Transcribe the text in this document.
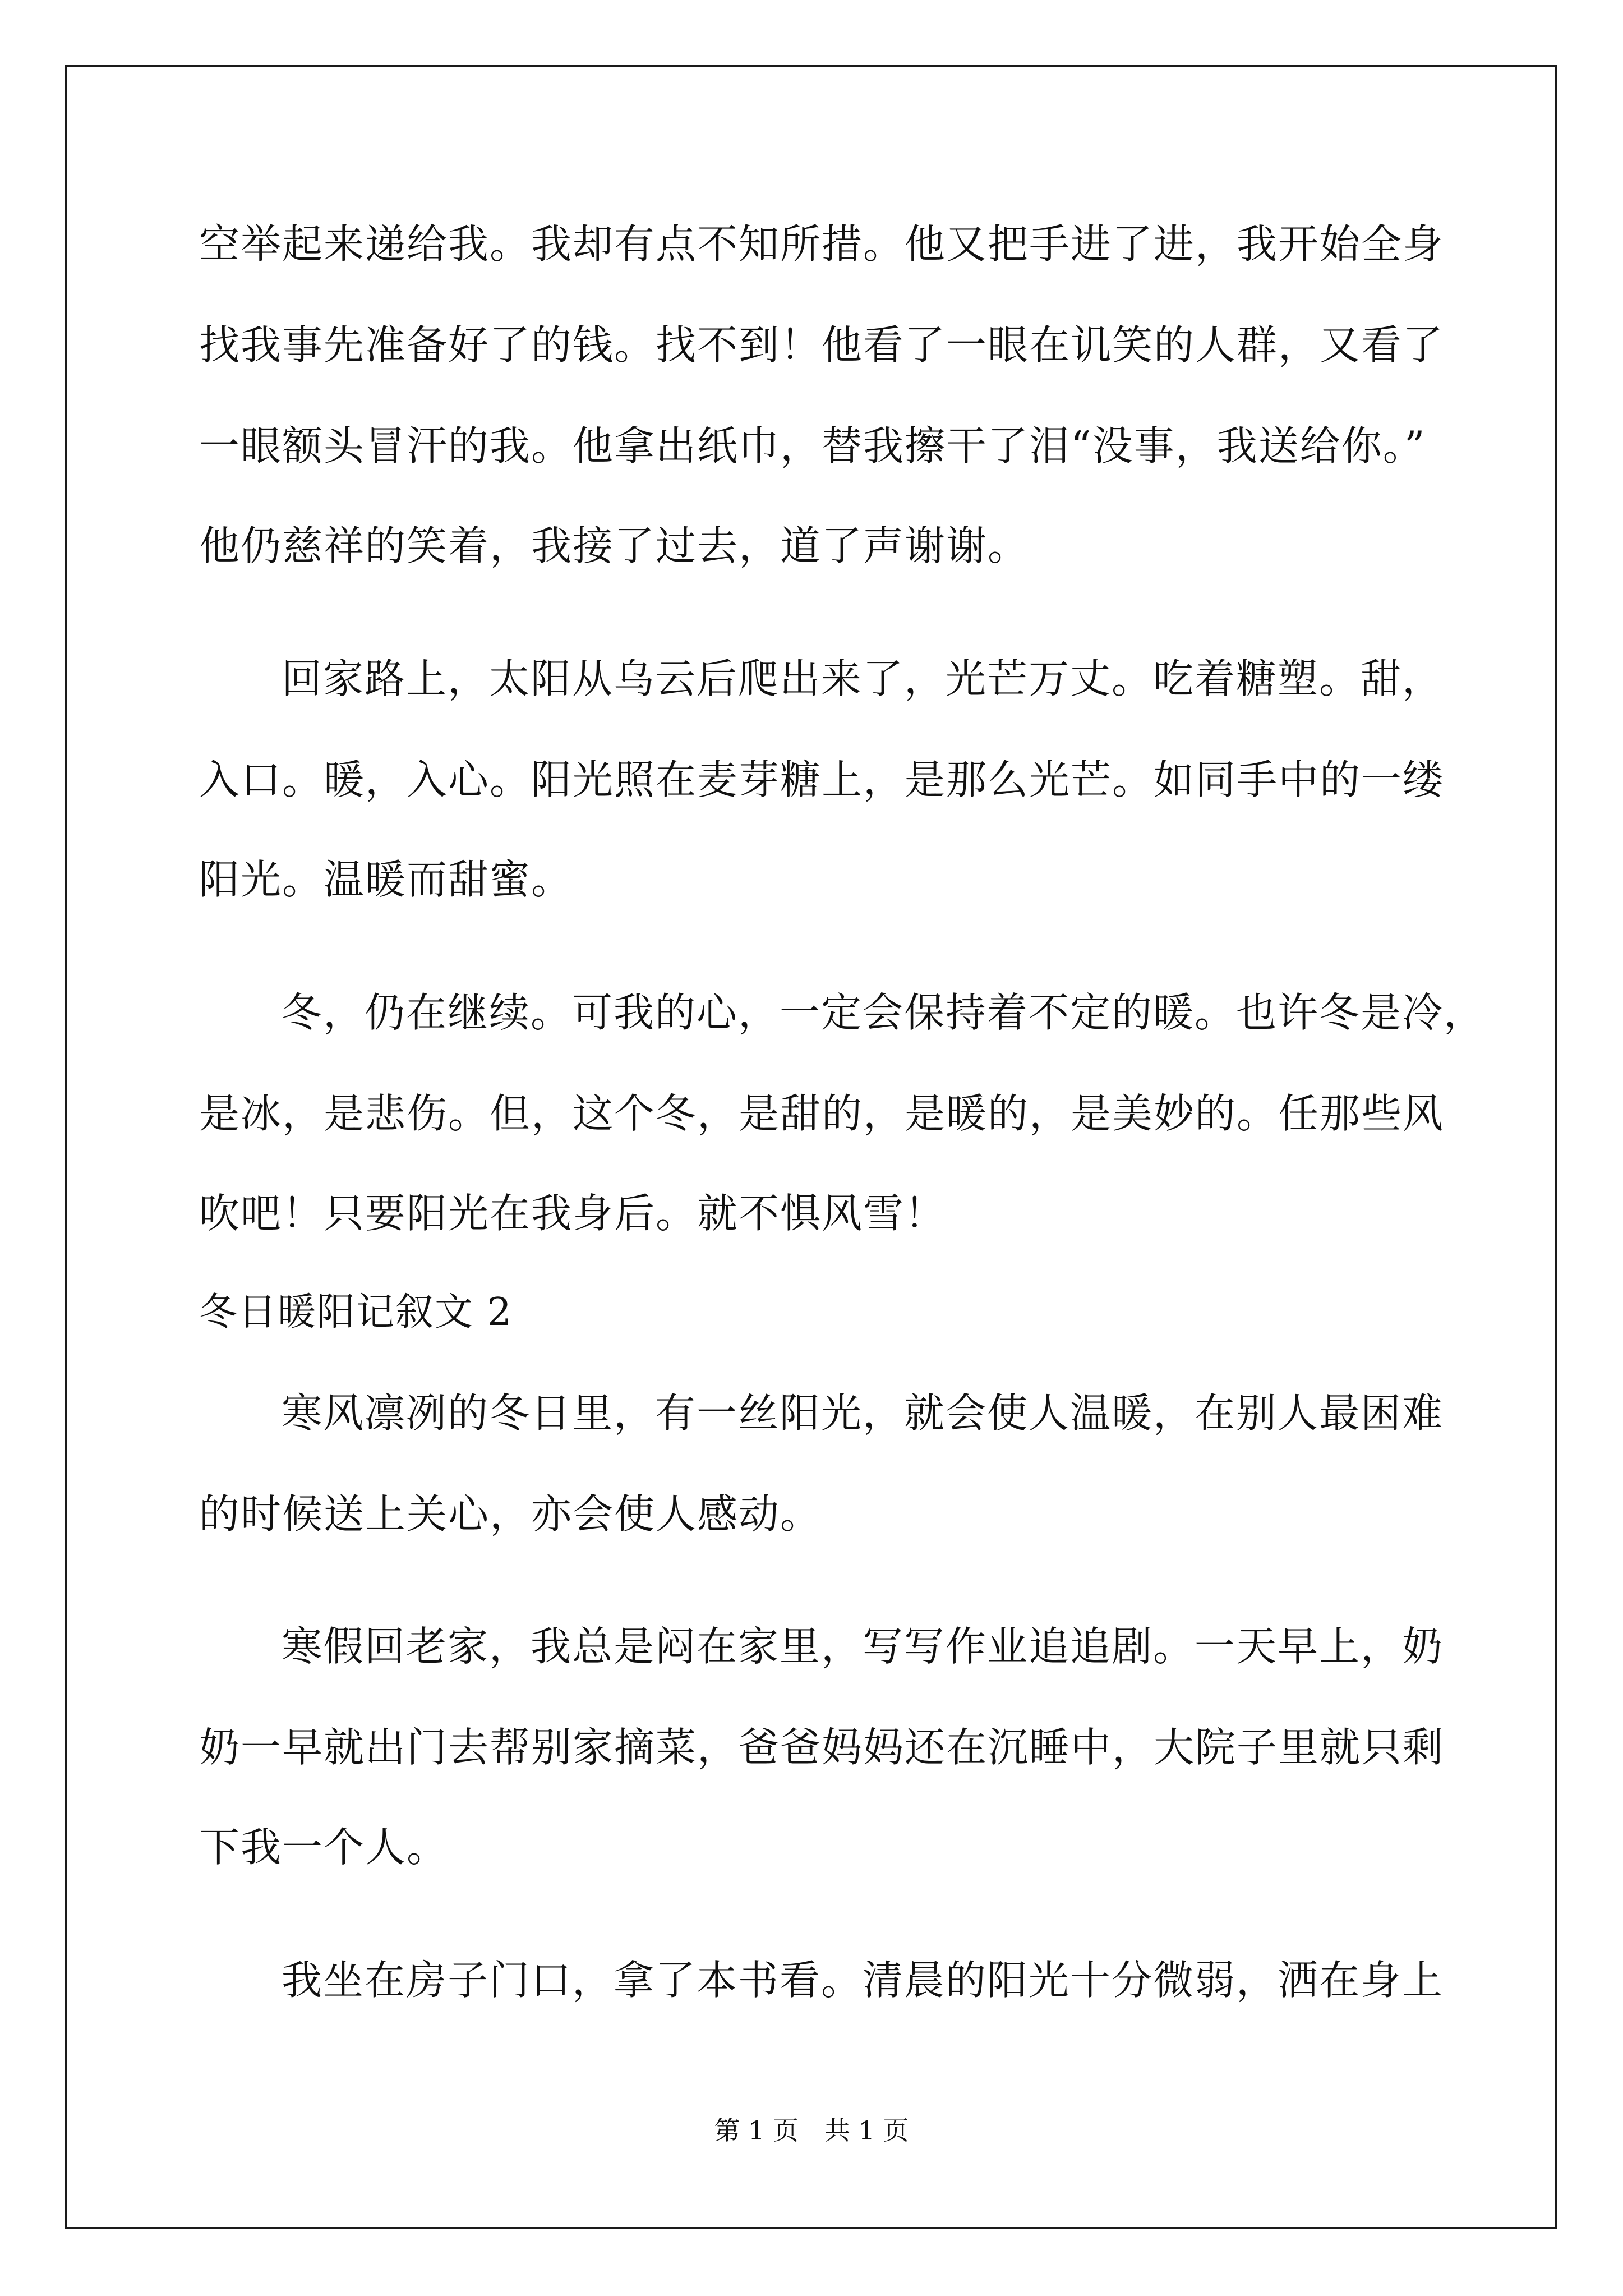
空举起来递给我。我却有点不知所措。他又把手进了进，我开始全身
找我事先准备好了的钱。找不到！他看了一眼在讥笑的人群，又看了
一眼额头冒汗的我。他拿出纸巾，替我擦干了泪“没事，我送给你。”
他仍慈祥的笑着，我接了过去，道了声谢谢。
回家路上，太阳从乌云后爬出来了，光芒万丈。吃着糖塑。甜，
入口。暖，入心。阳光照在麦芽糖上，是那么光芒。如同手中的一缕
阳光。温暖而甜蜜。
冬，仍在继续。可我的心，一定会保持着不定的暖。也许冬是冷，
是冰，是悲伤。但，这个冬，是甜的，是暖的，是美妙的。任那些风
吹吧！只要阳光在我身后。就不惧风雪！
冬日暖阳记叙文 2
寒风凛冽的冬日里，有一丝阳光，就会使人温暖，在别人最困难
的时候送上关心，亦会使人感动。
寒假回老家，我总是闷在家里，写写作业追追剧。一天早上，奶
奶一早就出门去帮别家摘菜，爸爸妈妈还在沉睡中，大院子里就只剩
下我一个人。
我坐在房子门口，拿了本书看。清晨的阳光十分微弱，洒在身上
第 1 页　共 1 页
